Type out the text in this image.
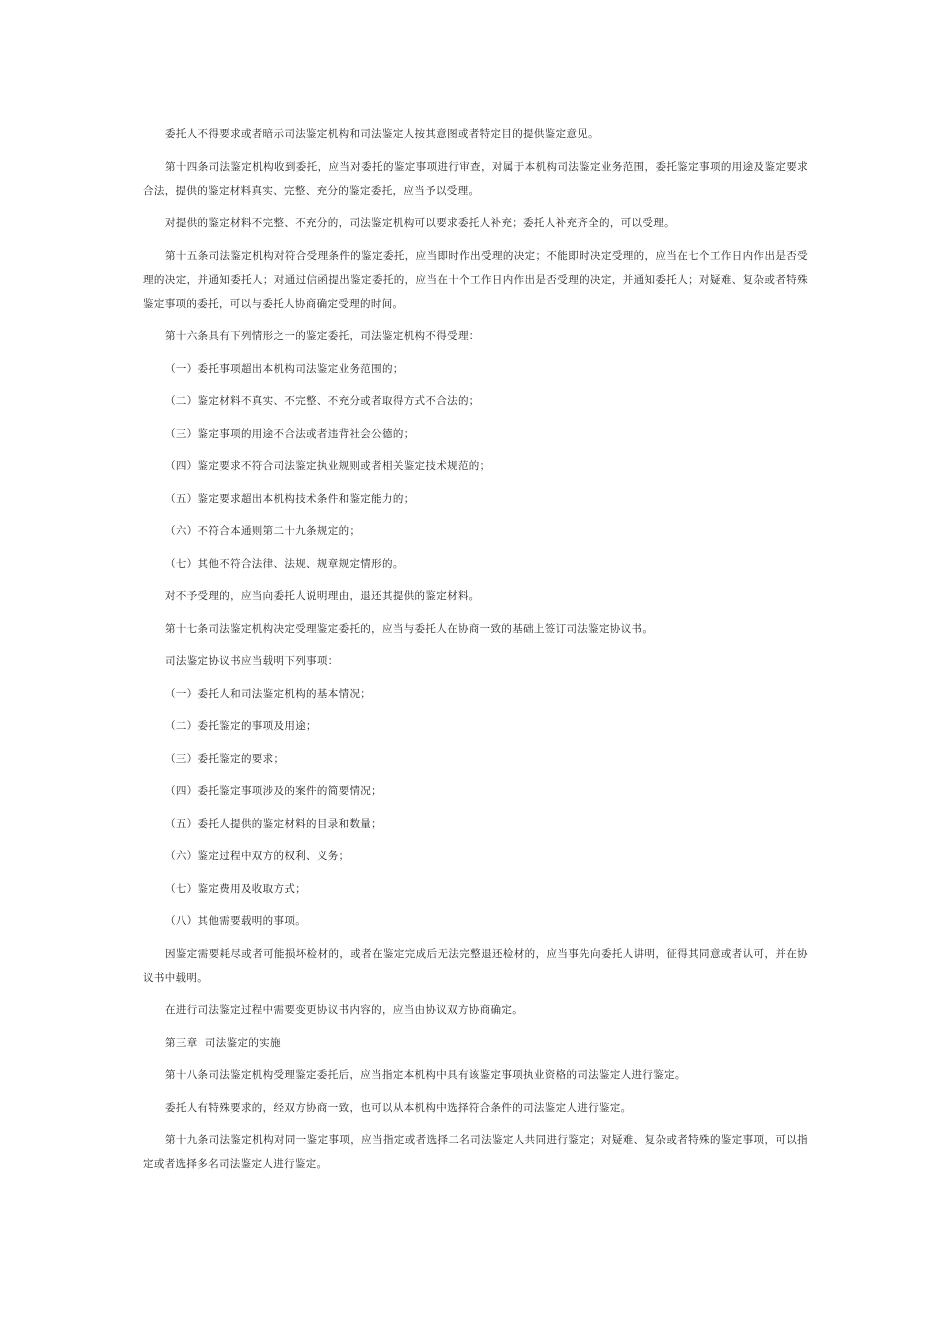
委托人不得要求或者暗示司法鉴定机构和司法鉴定人按其意图或者特定目的提供鉴定意见。

第十四条司法鉴定机构收到委托，应当对委托的鉴定事项进行审查，对属于本机构司法鉴定业务范围，委托鉴定事项的用途及鉴定要求合法，提供的鉴定材料真实、完整、充分的鉴定委托，应当予以受理。

对提供的鉴定材料不完整、不充分的，司法鉴定机构可以要求委托人补充；委托人补充齐全的，可以受理。

第十五条司法鉴定机构对符合受理条件的鉴定委托，应当即时作出受理的决定；不能即时决定受理的，应当在七个工作日内作出是否受理的决定，并通知委托人；对通过信函提出鉴定委托的，应当在十个工作日内作出是否受理的决定，并通知委托人；对疑难、复杂或者特殊鉴定事项的委托，可以与委托人协商确定受理的时间。

第十六条具有下列情形之一的鉴定委托，司法鉴定机构不得受理：

（一）委托事项超出本机构司法鉴定业务范围的；

（二）鉴定材料不真实、不完整、不充分或者取得方式不合法的；

（三）鉴定事项的用途不合法或者违背社会公德的；

（四）鉴定要求不符合司法鉴定执业规则或者相关鉴定技术规范的；

（五）鉴定要求超出本机构技术条件和鉴定能力的；

（六）不符合本通则第二十九条规定的；

（七）其他不符合法律、法规、规章规定情形的。

对不予受理的，应当向委托人说明理由，退还其提供的鉴定材料。

第十七条司法鉴定机构决定受理鉴定委托的，应当与委托人在协商一致的基础上签订司法鉴定协议书。

司法鉴定协议书应当载明下列事项：

（一）委托人和司法鉴定机构的基本情况；

（二）委托鉴定的事项及用途；

（三）委托鉴定的要求；

（四）委托鉴定事项涉及的案件的简要情况；

（五）委托人提供的鉴定材料的目录和数量；

（六）鉴定过程中双方的权利、义务；

（七）鉴定费用及收取方式；

（八）其他需要载明的事项。

因鉴定需要耗尽或者可能损坏检材的，或者在鉴定完成后无法完整退还检材的，应当事先向委托人讲明，征得其同意或者认可，并在协议书中载明。

在进行司法鉴定过程中需要变更协议书内容的，应当由协议双方协商确定。

第三章  司法鉴定的实施

第十八条司法鉴定机构受理鉴定委托后，应当指定本机构中具有该鉴定事项执业资格的司法鉴定人进行鉴定。

委托人有特殊要求的，经双方协商一致，也可以从本机构中选择符合条件的司法鉴定人进行鉴定。

第十九条司法鉴定机构对同一鉴定事项，应当指定或者选择二名司法鉴定人共同进行鉴定；对疑难、复杂或者特殊的鉴定事项，可以指定或者选择多名司法鉴定人进行鉴定。
